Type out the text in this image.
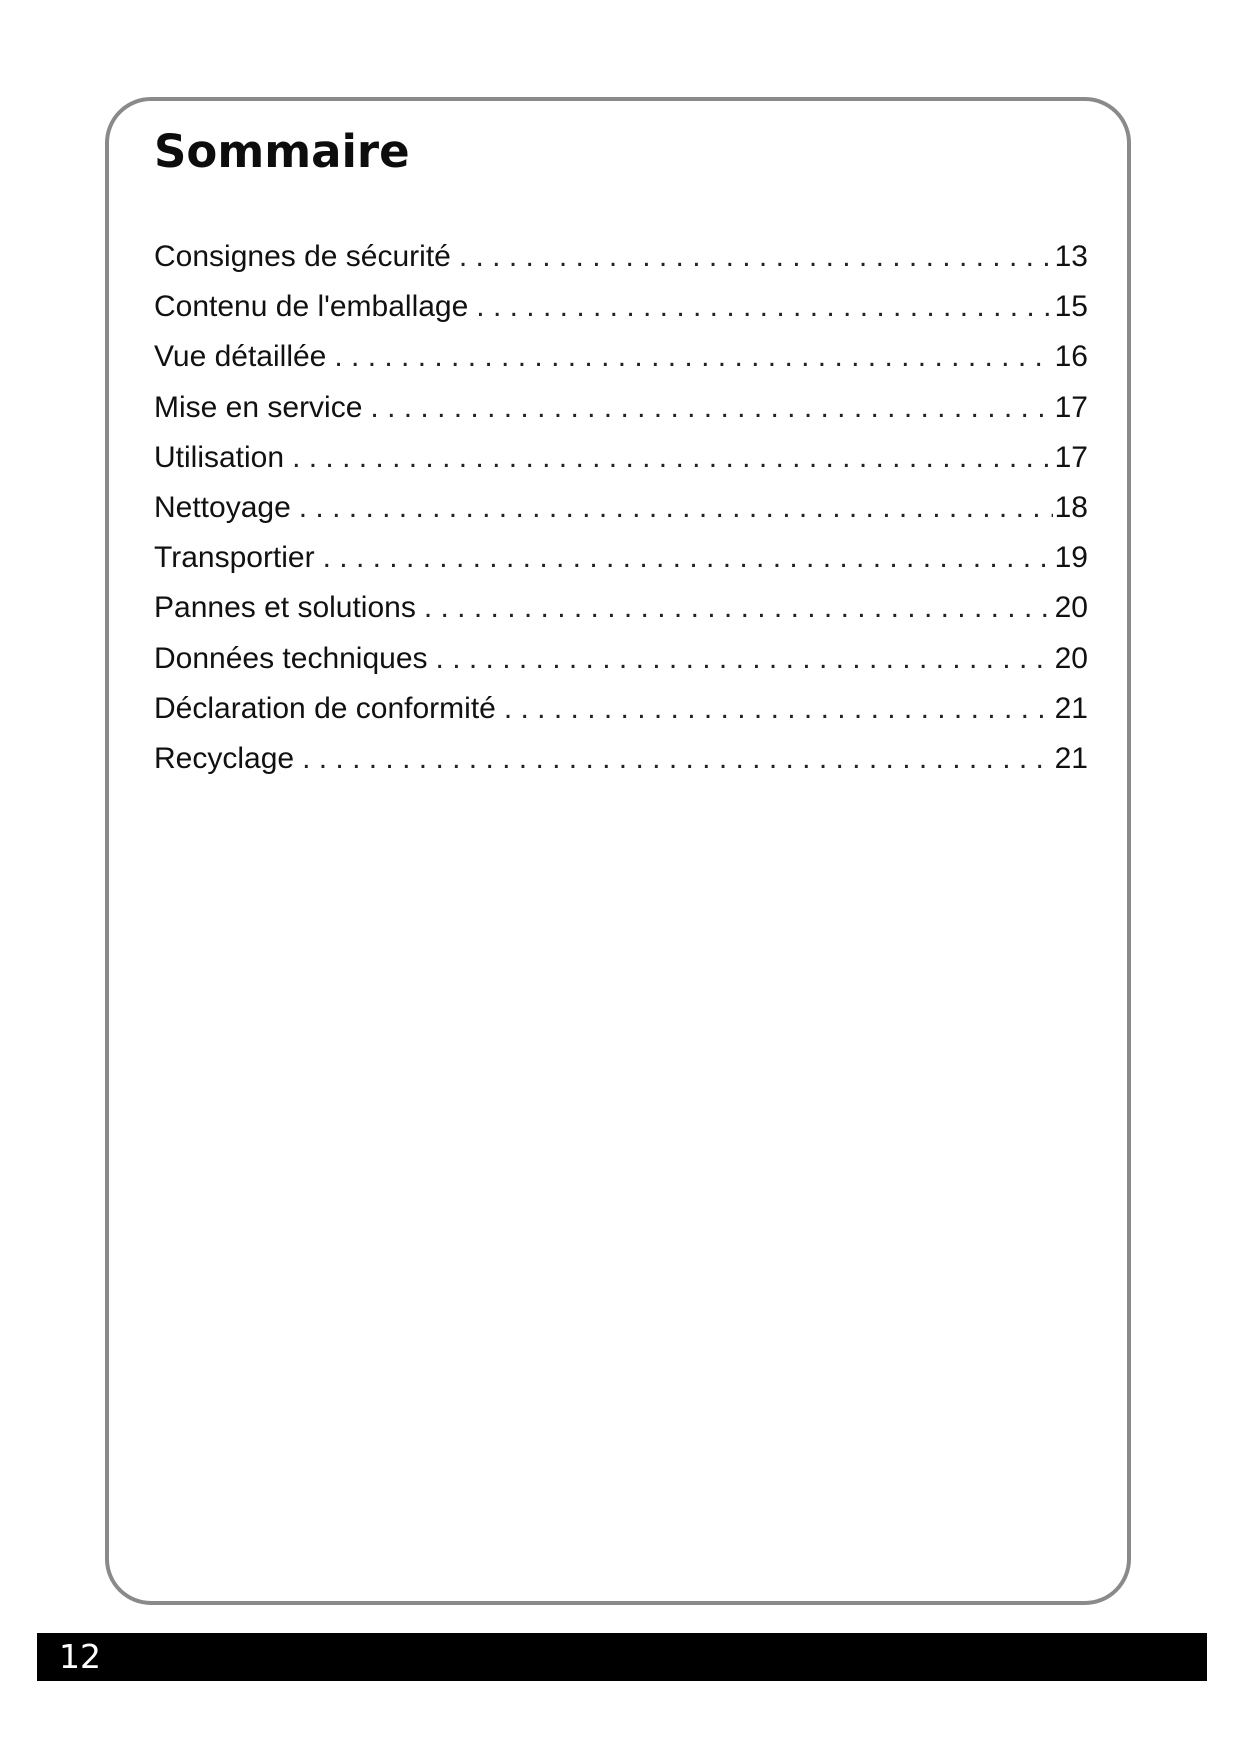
Sommaire
Consignes de sécurité . . .	13
Contenu de l'emballage . . .	15
Vue détaillée . . .	16
Mise en service . . .	17
Utilisation . . .	17
Nettoyage . . .	18
Transportier . . .	19
Pannes et solutions . . .	20
Données techniques . . .	20
Déclaration de conformité . . .	21
Recyclage . . .	21
12
